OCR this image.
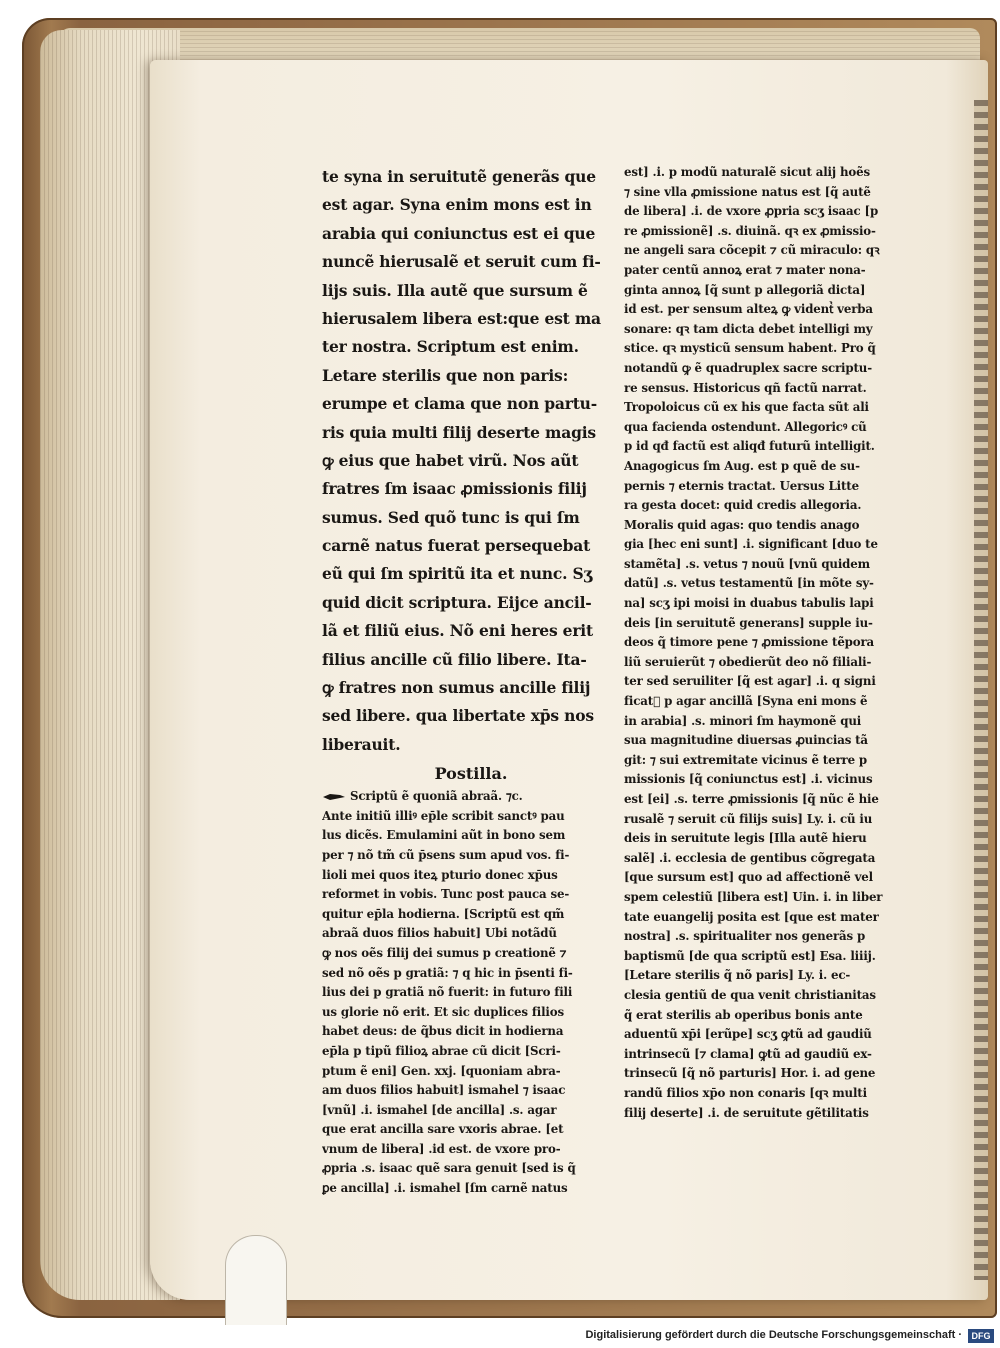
te syna in seruitutẽ generãs que
est agar. Syna enim mons est in
arabia qui coniunctus est ei que
nuncẽ hierusalẽ et seruit cum fi-
lijs suis. Illa autẽ que sursum ẽ
hierusalem libera est:que est ma
ter nostra. Scriptum est enim.
Letare sterilis que non paris:
erumpe et clama que non partu-
ris quia multi filij deserte magis
ꝙ eius que habet virũ. Nos aũt
fratres ſm isaac ꝓmissionis filij
sumus. Sed quõ tunc is qui ſm
carnẽ natus fuerat persequebat
eũ qui ſm spiritũ ita et nunc. Sʒ
quid dicit scriptura. Eijce ancil-
lã et filiũ eius. Nõ eni heres erit
filius ancille cũ filio libere. Ita-
ꝙ fratres non sumus ancille filij
sed libere. qua libertate xp̄s nos
liberauit.
Postilla.
Scriptũ ẽ quoniã abraã. ⁊c.
Ante initiũ illiꝰ ep̄le scribit sanctꝰ pau
lus dicẽs. Emulamini aũt in bono sem
per ⁊ nõ tm̃ cũ p̄sens sum apud vos. fi-
lioli mei quos iteꝝ pturio donec xp̄us
reformet in vobis. Tunc post pauca se-
quitur ep̄la hodierna. [Scriptũ est qm̃
abraã duos filios habuit] Ubi notãdũ
ꝙ nos oẽs filij dei sumus p creationẽ ⁊
sed nõ oẽs p gratiã: ⁊ q hic in p̄senti fi-
lius dei p gratiã nõ fuerit: in futuro fili
us glorie nõ erit. Et sic duplices filios
habet deus: de q̃bus dicit in hodierna
ep̄la p tipũ filioꝝ abrae cũ dicit [Scri-
ptum ẽ eni] Gen. xxj. [quoniam abra-
am duos filios habuit] ismahel ⁊ isaac
[vnũ] .i. ismahel [de ancilla] .s. agar
que erat ancilla sare vxoris abrae. [et
vnum de libera] .id est. de vxore pro-
ꝓpria .s. isaac quẽ sara genuit [sed is q̃
ꝑe ancilla] .i. ismahel [ſm carnẽ natus
est] .i. p modũ naturalẽ sicut alij hoẽs
⁊ sine vlla ꝓmissione natus est [q̃ autẽ
de libera] .i. de vxore ꝓpria scʒ isaac [p
re ꝓmissionẽ] .s. diuinã. qꝛ ex ꝓmissio-
ne angeli sara cõcepit ⁊ cũ miraculo: qꝛ
pater centũ annoꝝ erat ⁊ mater nona-
ginta annoꝝ [q̃ sunt p allegoriã dicta]
id est. per sensum alteꝝ ꝙ videntᷣ verba
sonare: qꝛ tam dicta debet intelligi my
stice. qꝛ mysticũ sensum habent. Pro q̃
notandũ ꝙ ẽ quadruplex sacre scriptu-
re sensus. Historicus qñ factũ narrat.
Tropoloicus cũ ex his que facta sũt ali
qua facienda ostendunt. Allegoricꝰ cũ
p id qđ factũ est aliqđ futurũ intelligit.
Anagogicus ſm Aug. est p quẽ de su-
pernis ⁊ eternis tractat. Uersus Litte
ra gesta docet: quid credis allegoria.
Moralis quid agas: quo tendis anago
gia [hec eni sunt] .i. significant [duo te
stamẽta] .s. vetus ⁊ nouũ [vnũ quidem
datũ] .s. vetus testamentũ [in mõte sy-
na] scʒ ipi moisi in duabus tabulis lapi
deis [in seruitutẽ generans] supple iu-
deos q̃ timore pene ⁊ ꝓmissione tẽpora
liũ seruierũt ⁊ obedierũt deo nõ filiali-
ter sed seruiliter [q̃ est agar] .i. q signi
ficatᷣ p agar ancillã [Syna eni mons ẽ
in arabia] .s. minori ſm haymonẽ qui
sua magnitudine diuersas ꝓuincias tã
git: ⁊ sui extremitate vicinus ẽ terre p
missionis [q̃ coniunctus est] .i. vicinus
est [ei] .s. terre ꝓmissionis [q̃ nũc ẽ hie
rusalẽ ⁊ seruit cũ filijs suis] Ly. i. cũ iu
deis in seruitute legis [Illa autẽ hieru
salẽ] .i. ecclesia de gentibus cõgregata
[que sursum est] quo ad affectionẽ vel
spem celestiũ [libera est] Uin. i. in liber
tate euangelij posita est [que est mater
nostra] .s. spiritualiter nos generãs p
baptismũ [de qua scriptũ est] Esa. liiij.
[Letare sterilis q̃ nõ paris] Ly. i. ec-
clesia gentiũ de qua venit christianitas
q̃ erat sterilis ab operibus bonis ante
aduentũ xp̄i [erũpe] scʒ ꝙtũ ad gaudiũ
intrinsecũ [⁊ clama] ꝙtũ ad gaudiũ ex-
trinsecũ [q̃ nõ parturis] Hor. i. ad gene
randũ filios xp̄o non conaris [qꝛ multi
filij deserte] .i. de seruitute gẽtilitatis
Digitalisierung gefördert durch die Deutsche Forschungsgemeinschaft ·	DFG
